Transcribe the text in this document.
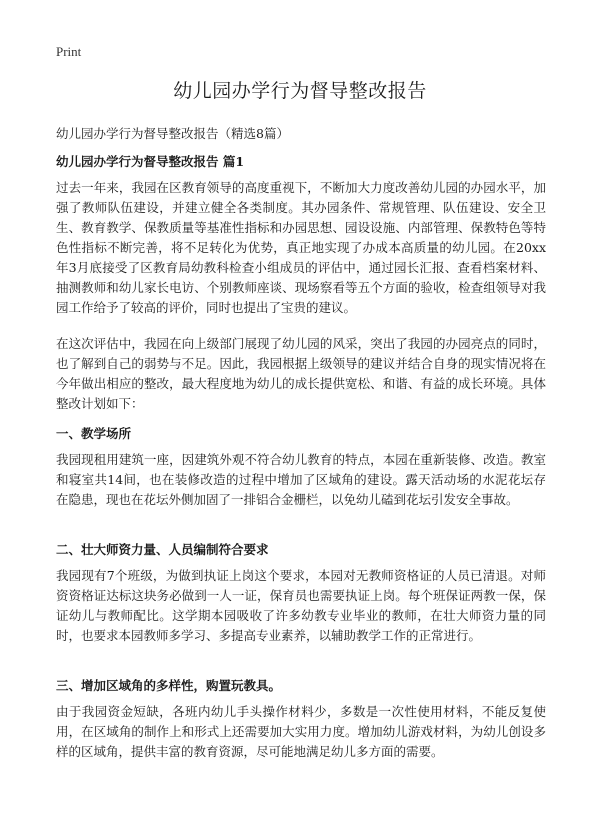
Print
幼儿园办学行为督导整改报告

幼儿园办学行为督导整改报告（精选8篇）

幼儿园办学行为督导整改报告 篇1

过去一年来，我园在区教育领导的高度重视下，不断加大力度改善幼儿园的办园水平，加强了教师队伍建设，并建立健全各类制度。其办园条件、常规管理、队伍建设、安全卫生、教育教学、保教质量等基准性指标和办园思想、园设设施、内部管理、保教特色等特色性指标不断完善，将不足转化为优势，真正地实现了办成本高质量的幼儿园。在20xx年3月底接受了区教育局幼教科检查小组成员的评估中，通过园长汇报、查看档案材料、抽测教师和幼儿家长电访、个别教师座谈、现场察看等五个方面的验收，检查组领导对我园工作给予了较高的评价，同时也提出了宝贵的建议。

在这次评估中，我园在向上级部门展现了幼儿园的风采，突出了我园的办园亮点的同时，也了解到自己的弱势与不足。因此，我园根据上级领导的建议并结合自身的现实情况将在今年做出相应的整改，最大程度地为幼儿的成长提供宽松、和谐、有益的成长环境。具体整改计划如下：

一、教学场所

我园现租用建筑一座，因建筑外观不符合幼儿教育的特点，本园在重新装修、改造。教室和寝室共14间，也在装修改造的过程中增加了区域角的建设。露天活动场的水泥花坛存在隐患，现也在花坛外侧加固了一排铝合金栅栏，以免幼儿磕到花坛引发安全事故。

二、壮大师资力量、人员编制符合要求

我园现有7个班级，为做到执证上岗这个要求，本园对无教师资格证的人员已清退。对师资资格证达标这块务必做到一人一证，保育员也需要执证上岗。每个班保证两教一保，保证幼儿与教师配比。这学期本园吸收了许多幼教专业毕业的教师，在壮大师资力量的同时，也要求本园教师多学习、多提高专业素养，以辅助教学工作的正常进行。

三、增加区域角的多样性，购置玩教具。

由于我园资金短缺，各班内幼儿手头操作材料少，多数是一次性使用材料，不能反复使用，在区域角的制作上和形式上还需要加大实用力度。增加幼儿游戏材料，为幼儿创设多样的区域角，提供丰富的教育资源，尽可能地满足幼儿多方面的需要。
